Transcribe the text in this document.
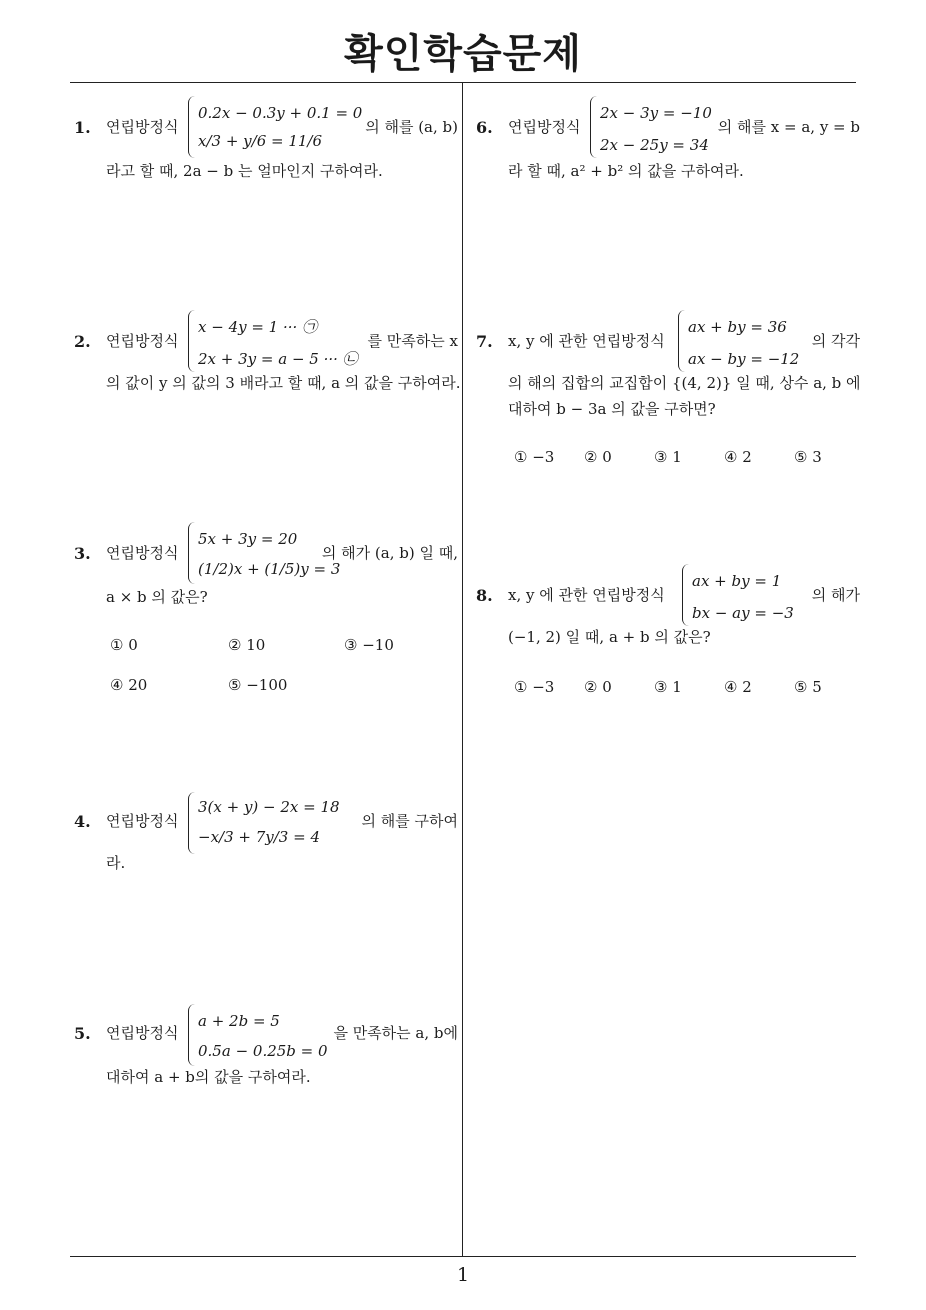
확인학습문제
1
1. 연립방정식
0.2x − 0.3y + 0.1 = 0
x/3 + y/6 = 11/6
의 해를 (a, b)
라고 할 때, 2a − b 는 얼마인지 구하여라.
2. 연립방정식
x − 4y = 1 ··· ㉠
2x + 3y = a − 5 ··· ㉡
를 만족하는 x
의 값이 y 의 값의 3 배라고 할 때, a 의 값을 구하여라.
3. 연립방정식
5x + 3y = 20
(1/2)x + (1/5)y = 3
의 해가 (a, b) 일 때,
a × b 의 값은?
① 0	② 10	③ −10
④ 20	⑤ −100
4. 연립방정식
3(x + y) − 2x = 18
−x/3 + 7y/3 = 4
의 해를 구하여
라.
5. 연립방정식
a + 2b = 5
0.5a − 0.25b = 0
을 만족하는 a, b에
대하여 a + b의 값을 구하여라.
6. 연립방정식
2x − 3y = −10
2x − 25y = 34
의 해를 x = a, y = b
라 할 때, a² + b² 의 값을 구하여라.
7. x, y 에 관한 연립방정식
ax + by = 36
ax − by = −12
의 각각
의 해의 집합의 교집합이 {(4, 2)} 일 때, 상수 a, b 에
대하여 b − 3a 의 값을 구하면?
① −3 ② 0	③ 1	④ 2	⑤ 3
8. x, y 에 관한 연립방정식
ax + by = 1
bx − ay = −3
의 해가
(−1, 2) 일 때, a + b 의 값은?
① −3 ② 0	③ 1	④ 2	⑤ 5
